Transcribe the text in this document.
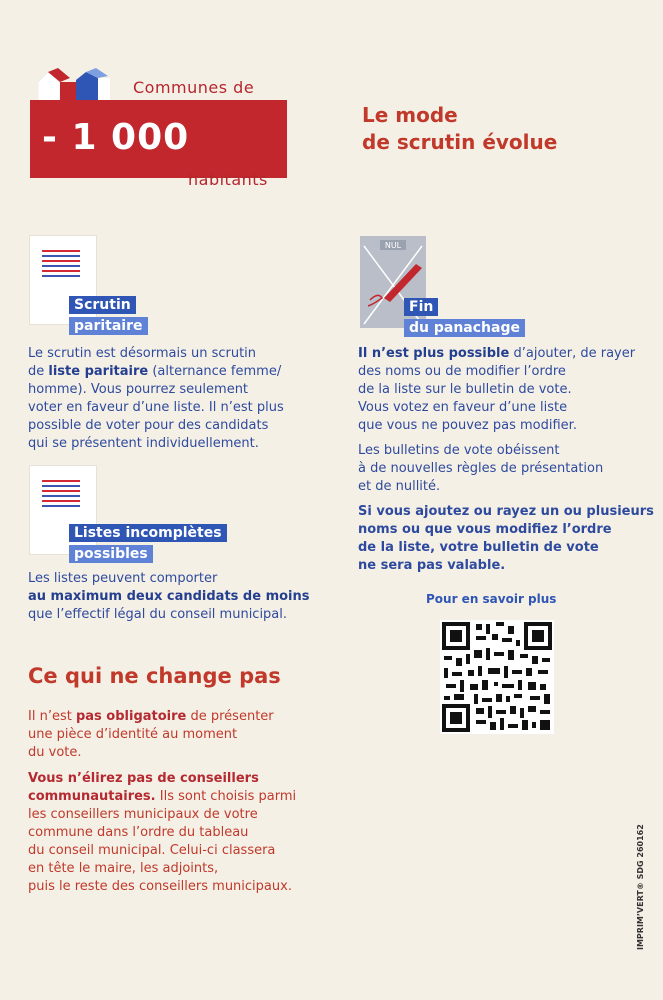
Communes de
- 1 000
habitants
Le mode
de scrutin évolue
Scrutin
paritaire
Le scrutin est désormais un scrutin
de liste paritaire (alternance femme/
homme). Vous pourrez seulement
voter en faveur d’une liste. Il n’est plus
possible de voter pour des candidats
qui se présentent individuellement.
Listes incomplètes
possibles
Les listes peuvent comporter
au maximum deux candidats de moins
que l’effectif légal du conseil municipal.
NUL
Fin
du panachage
Il n’est plus possible d’ajouter, de rayer
des noms ou de modifier l’ordre
de la liste sur le bulletin de vote.
Vous votez en faveur d’une liste
que vous ne pouvez pas modifier.
Les bulletins de vote obéissent
à de nouvelles règles de présentation
et de nullité.
Si vous ajoutez ou rayez un ou plusieurs
noms ou que vous modifiez l’ordre
de la liste, votre bulletin de vote
ne sera pas valable.
Pour en savoir plus
Ce qui ne change pas
Il n’est pas obligatoire de présenter
une pièce d’identité au moment
du vote.
Vous n’élirez pas de conseillers
communautaires. Ils sont choisis parmi
les conseillers municipaux de votre
commune dans l’ordre du tableau
du conseil municipal. Celui-ci classera
en tête le maire, les adjoints,
puis le reste des conseillers municipaux.	IMPRIM’VERT® SDG 260162
